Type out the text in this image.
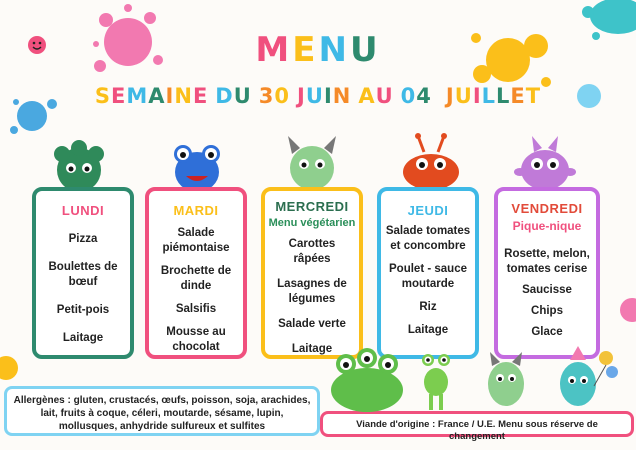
MENU
SEMAINE DU 30 JUIN AU 04 JUILLET
LUNDI
Pizza
Boulettes de bœuf
Petit-pois
Laitage
MARDI
Salade piémontaise
Brochette de dinde
Salsifis
Mousse au chocolat
MERCREDI
Menu végétarien
Carottes râpées
Lasagnes de légumes
Salade verte
Laitage
JEUDI
Salade tomates et concombre
Poulet - sauce moutarde
Riz
Laitage
VENDREDI
Pique-nique
Rosette, melon, tomates cerise
Saucisse
Chips
Glace
Allergènes : gluten, crustacés, œufs, poisson, soja, arachides, lait, fruits à coque, céleri, moutarde, sésame, lupin, mollusques, anhydride sulfureux et sulfites	Viande d'origine : France / U.E. Menu sous réserve de changement
